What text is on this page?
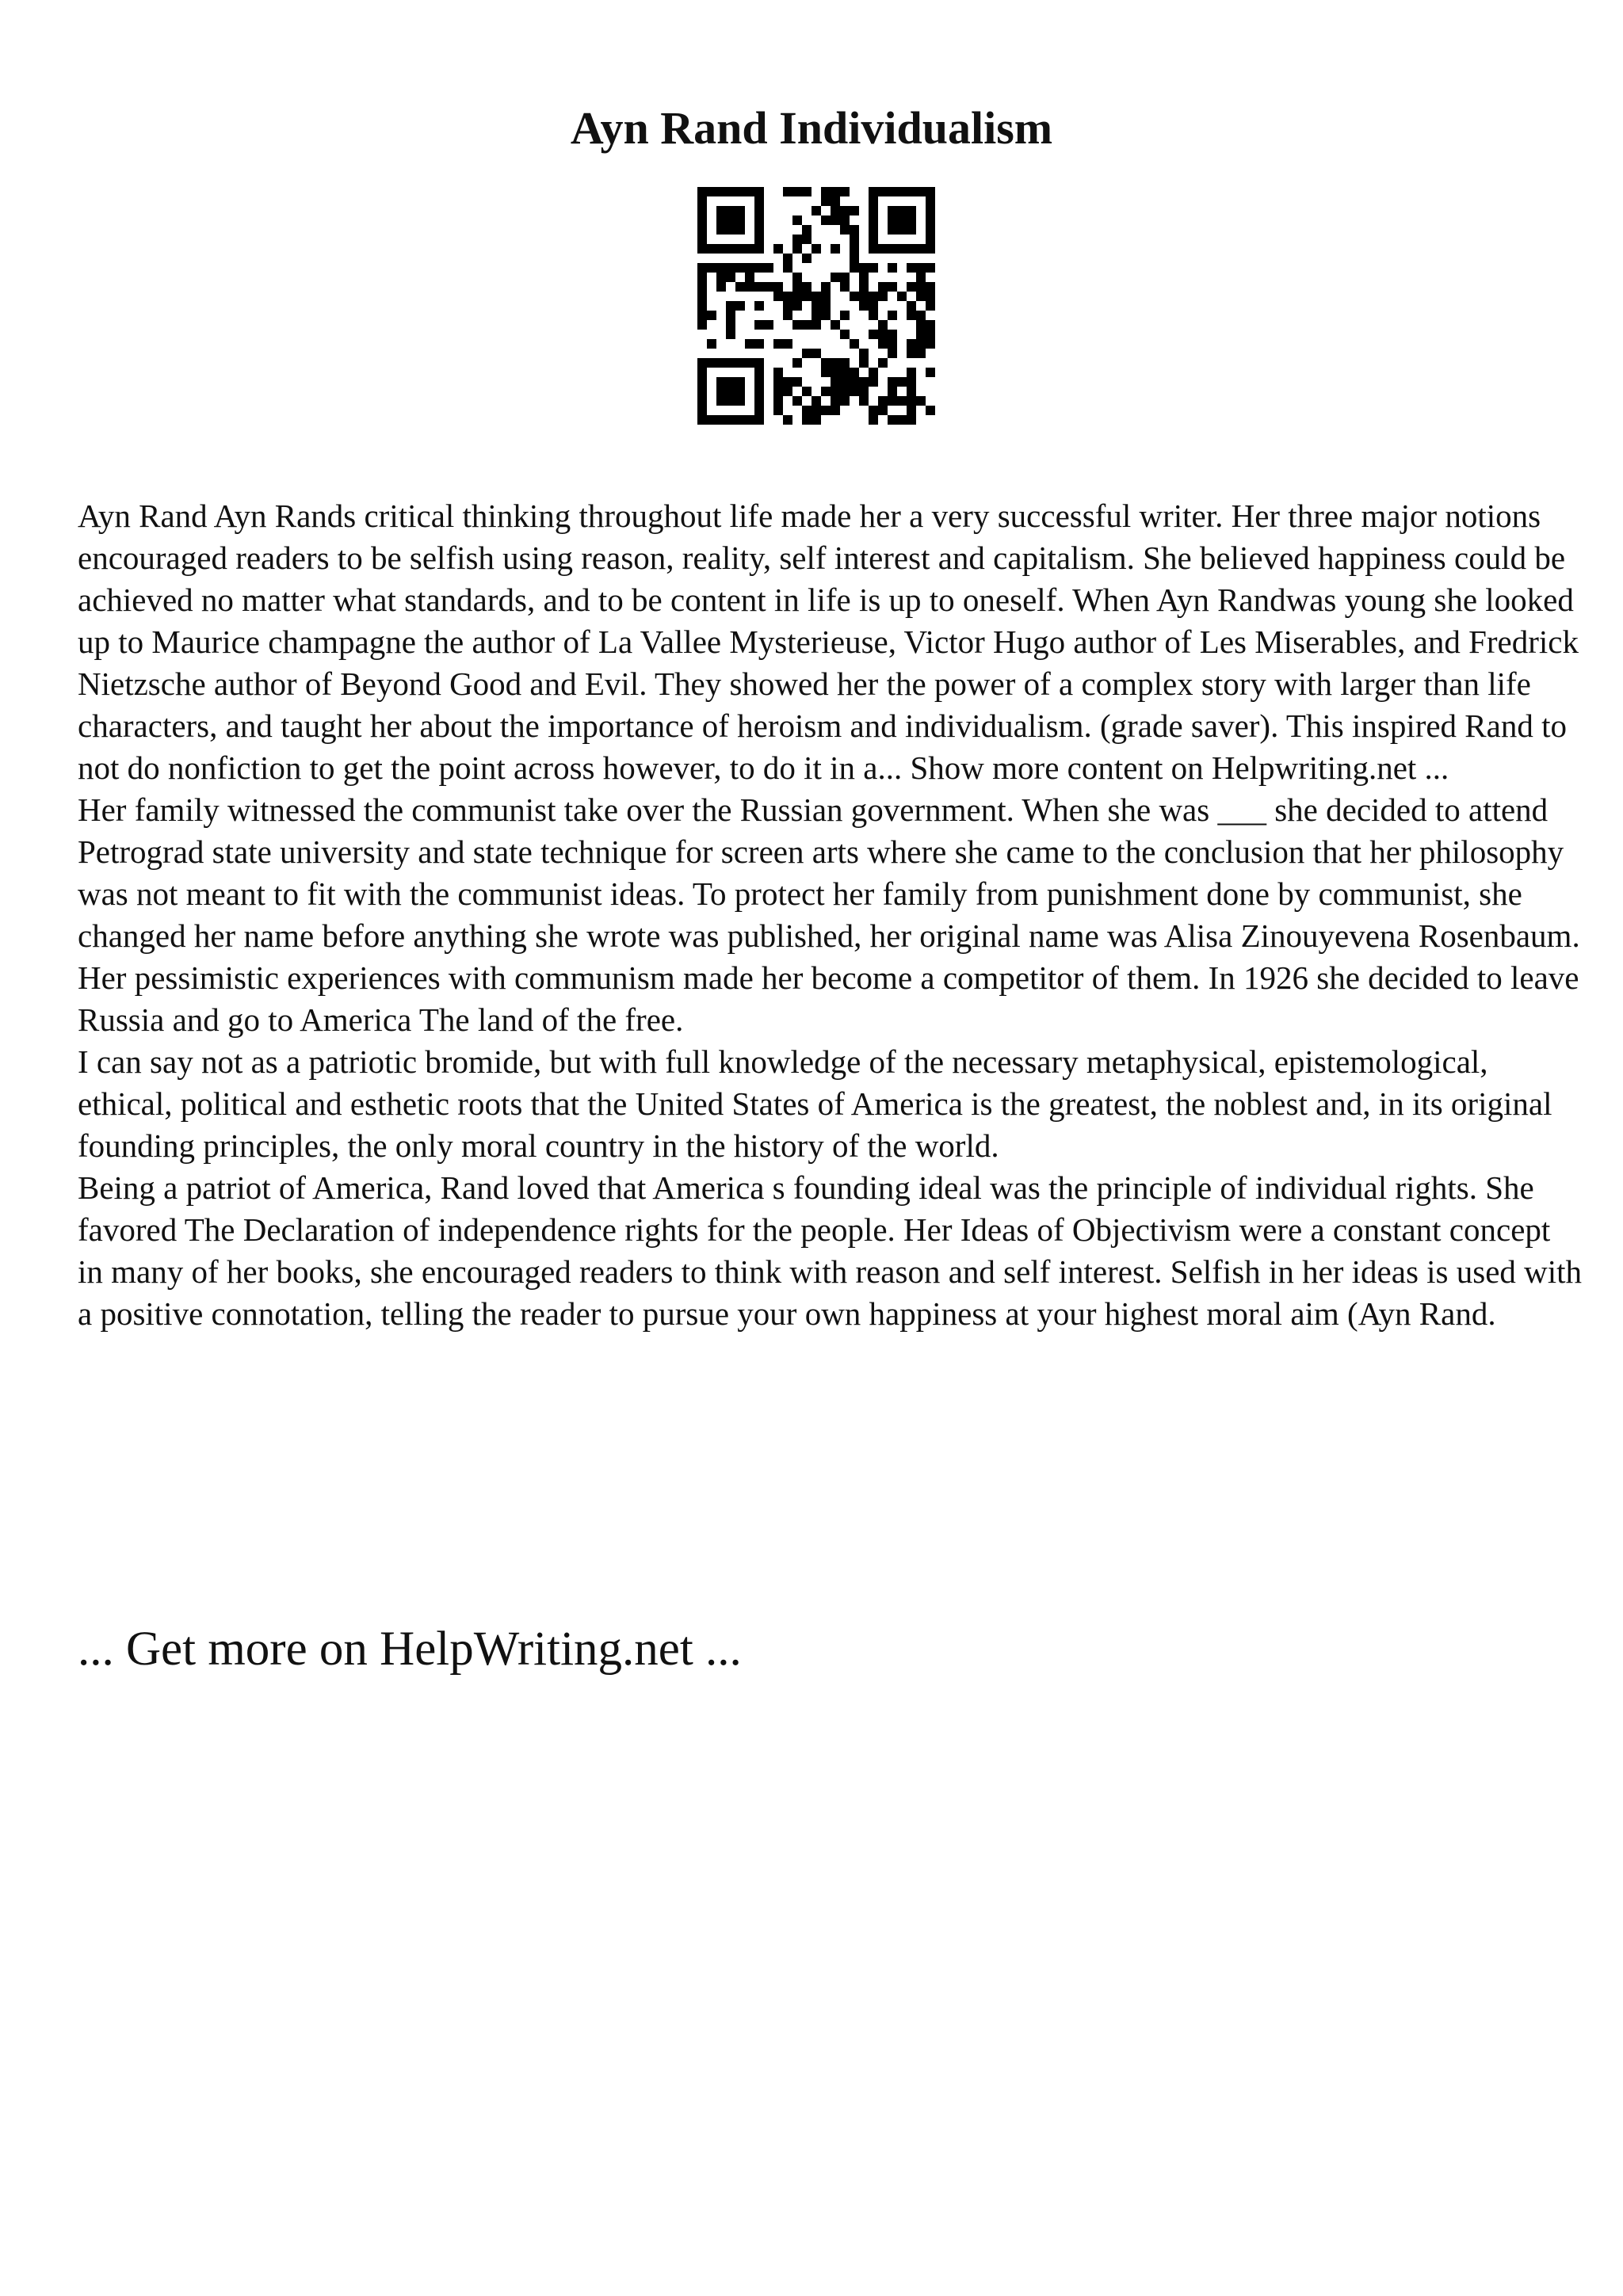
Ayn Rand Individualism

Ayn Rand Ayn Rands critical thinking throughout life made her a very successful writer. Her three major notions encouraged readers to be selfish using reason, reality, self interest and capitalism. She believed happiness could be achieved no matter what standards, and to be content in life is up to oneself. When Ayn Randwas young she looked up to Maurice champagne the author of La Vallee Mysterieuse, Victor Hugo author of Les Miserables, and Fredrick Nietzsche author of Beyond Good and Evil. They showed her the power of a complex story with larger than life characters, and taught her about the importance of heroism and individualism. (grade saver). This inspired Rand to not do nonfiction to get the point across however, to do it in a... Show more content on Helpwriting.net ...

Her family witnessed the communist take over the Russian government. When she was ___ she decided to attend Petrograd state university and state technique for screen arts where she came to the conclusion that her philosophy was not meant to fit with the communist ideas. To protect her family from punishment done by communist, she changed her name before anything she wrote was published, her original name was Alisa Zinouyevena Rosenbaum. Her pessimistic experiences with communism made her become a competitor of them. In 1926 she decided to leave Russia and go to America The land of the free.

I can say not as a patriotic bromide, but with full knowledge of the necessary metaphysical, epistemological, ethical, political and esthetic roots that the United States of America is the greatest, the noblest and, in its original founding principles, the only moral country in the history of the world.

Being a patriot of America, Rand loved that America s founding ideal was the principle of individual rights. She favored The Declaration of independence rights for the people. Her Ideas of Objectivism were a constant concept in many of her books, she encouraged readers to think with reason and self interest. Selfish in her ideas is used with a positive connotation, telling the reader to pursue your own happiness at your highest moral aim (Ayn Rand.

... Get more on HelpWriting.net ...
